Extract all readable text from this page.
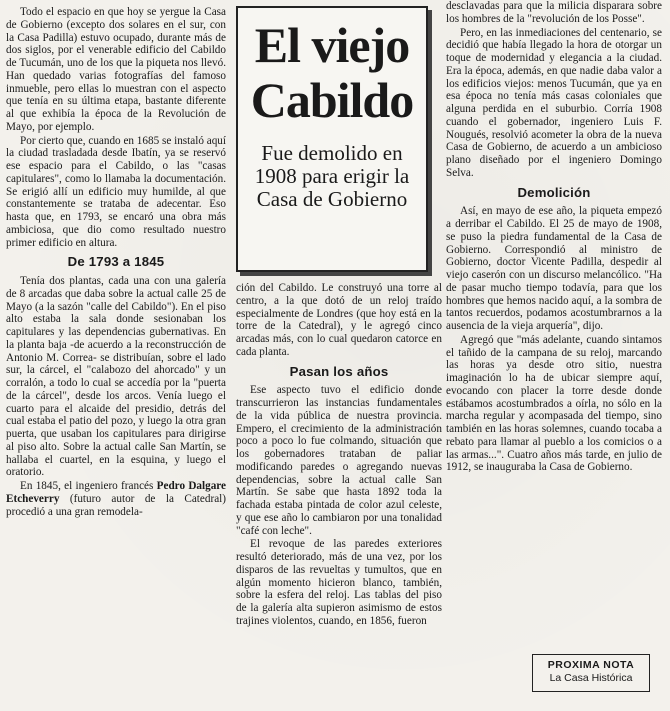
Todo el espacio en que hoy se yergue la Casa de Gobierno (excepto dos solares en el sur, con la Casa Padilla) estuvo ocupado, durante más de dos siglos, por el venerable edificio del Cabildo de Tucumán, uno de los que la piqueta nos llevó. Han quedado varias fotografías del famoso inmueble, pero ellas lo muestran con el aspecto que tenía en su última etapa, bastante diferente al que exhibía la época de la Revolución de Mayo, por ejemplo.

Por cierto que, cuando en 1685 se instaló aquí la ciudad trasladada desde Ibatín, ya se reservó ese espacio para el Cabildo, o las "casas capitulares", como lo llamaba la documentación. Se erigió allí un edificio muy humilde, al que constantemente se trataba de adecentar. Eso hasta que, en 1793, se encaró una obra más ambiciosa, que dio como resultado nuestro primer edificio en altura.

De 1793 a 1845

Tenía dos plantas, cada una con una galería de 8 arcadas que daba sobre la actual calle 25 de Mayo (a la sazón "calle del Cabildo"). En el piso alto estaba la sala donde sesionaban los capitulares y las dependencias gubernativas. En la planta baja -de acuerdo a la reconstrucción de Antonio M. Correa- se distribuían, sobre el lado sur, la cárcel, el "calabozo del ahorcado" y un corralón, a todo lo cual se accedía por la "puerta de la cárcel", desde los arcos. Venía luego el cuarto para el alcaide del presidio, detrás del cual estaba el patio del pozo, y luego la otra gran puerta, que usaban los capitulares para dirigirse al piso alto. Sobre la actual calle San Martín, se hallaba el cuartel, en la esquina, y luego el oratorio.

En 1845, el ingeniero francés Pedro Dalgare Etcheverry (futuro autor de la Catedral) procedió a una gran remodela-

El viejo
Cabildo
Fue demolido en 1908 para erigir la Casa de Gobierno

ción del Cabildo. Le construyó una torre al centro, a la que dotó de un reloj traído especialmente de Londres (que hoy está en la torre de la Catedral), y le agregó cinco arcadas más, con lo cual quedaron catorce en cada planta.

Pasan los años

Ese aspecto tuvo el edificio donde transcurrieron las instancias fundamentales de la vida pública de nuestra provincia. Empero, el crecimiento de la administración poco a poco lo fue colmando, situación que los gobernadores trataban de paliar modificando paredes o agregando nuevas dependencias, sobre la actual calle San Martín. Se sabe que hasta 1892 toda la fachada estaba pintada de color azul celeste, y que ese año lo cambiaron por una tonalidad "café con leche".

El revoque de las paredes exteriores resultó deteriorado, más de una vez, por los disparos de las revueltas y tumultos, que en algún momento hicieron blanco, también, sobre la esfera del reloj. Las tablas del piso de la galería alta supieron asimismo de estos trajines violentos, cuando, en 1856, fueron

desclavadas para que la milicia disparara sobre los hombres de la "revolución de los Posse".

Pero, en las inmediaciones del centenario, se decidió que había llegado la hora de otorgar un toque de modernidad y elegancia a la ciudad. Era la época, además, en que nadie daba valor a los edificios viejos: menos Tucumán, que ya en esa época no tenía más casas coloniales que alguna perdida en el suburbio. Corría 1908 cuando el gobernador, ingeniero Luis F. Nougués, resolvió acometer la obra de la nueva Casa de Gobierno, de acuerdo a un ambicioso plano diseñado por el ingeniero Domingo Selva.

Demolición

Así, en mayo de ese año, la piqueta empezó a derribar el Cabildo. El 25 de mayo de 1908, se puso la piedra fundamental de la Casa de Gobierno. Correspondió al ministro de Gobierno, doctor Vicente Padilla, despedir al viejo caserón con un discurso melancólico. "Ha de pasar mucho tiempo todavía, para que los hombres que hemos nacido aquí, a la sombra de tantos recuerdos, podamos acostumbrarnos a la ausencia de la vieja arquería", dijo.

Agregó que "más adelante, cuando sintamos el tañido de la campana de su reloj, marcando las horas ya desde otro sitio, nuestra imaginación lo ha de ubicar siempre aquí, evocando con placer la torre desde donde estábamos acostumbrados a oírla, no sólo en la marcha regular y acompasada del tiempo, sino también en las horas solemnes, cuando tocaba a rebato para llamar al pueblo a los comicios o a las armas...". Cuatro años más tarde, en julio de 1912, se inauguraba la Casa de Gobierno.

PROXIMA NOTA
La Casa Histórica
